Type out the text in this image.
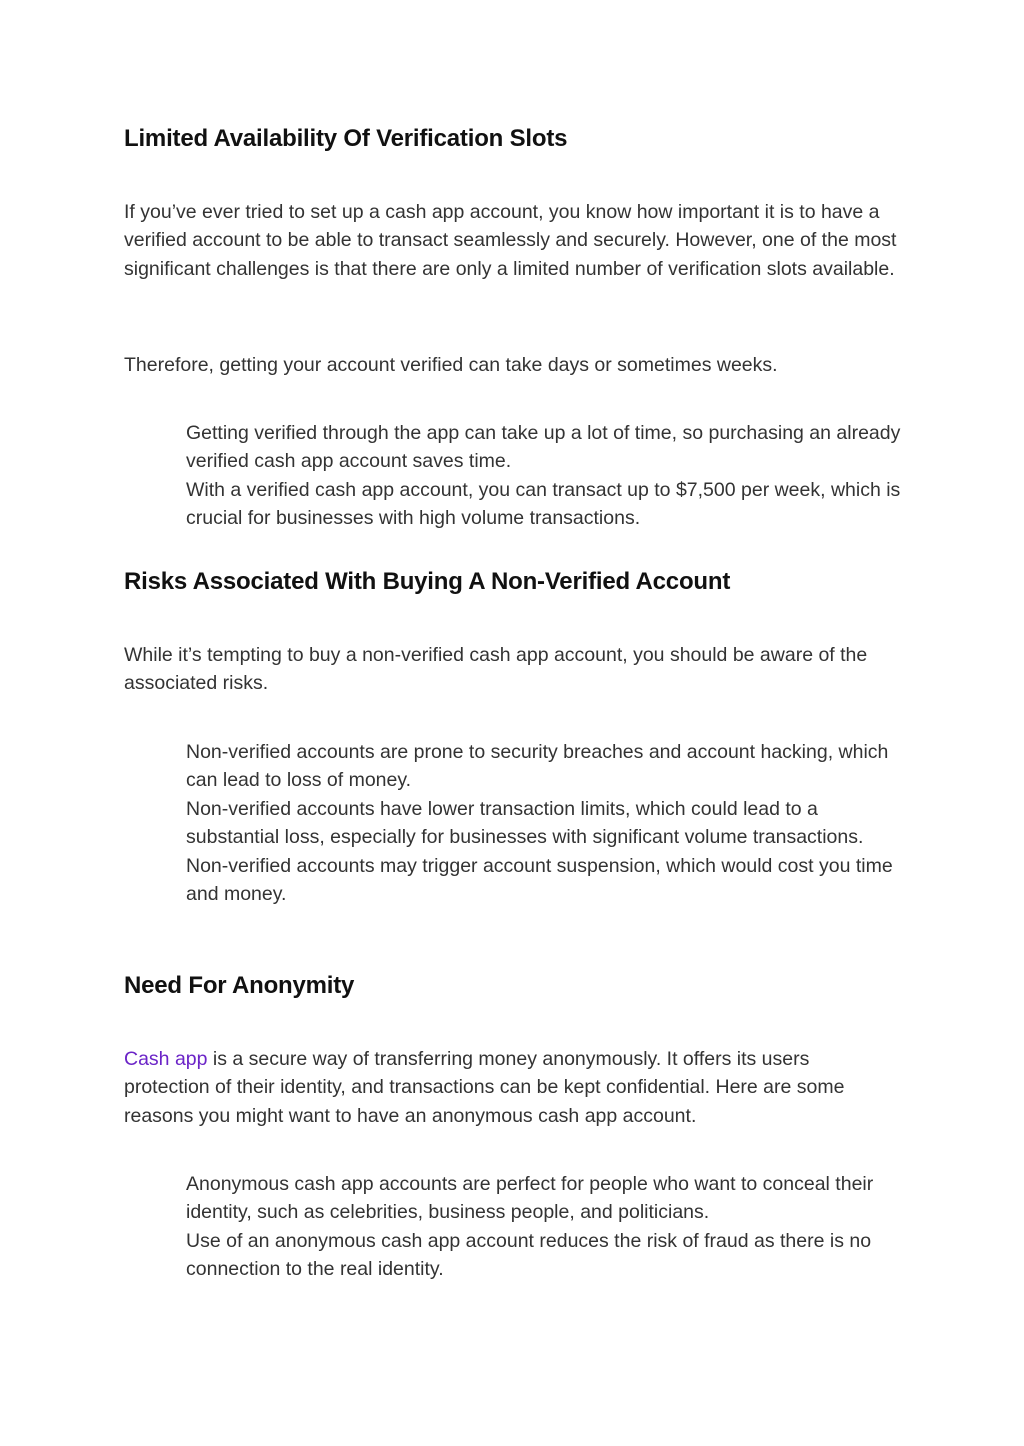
Limited Availability Of Verification Slots

If you’ve ever tried to set up a cash app account, you know how important it is to have a verified account to be able to transact seamlessly and securely. However, one of the most significant challenges is that there are only a limited number of verification slots available.

Therefore, getting your account verified can take days or sometimes weeks.

Getting verified through the app can take up a lot of time, so purchasing an already verified cash app account saves time.
With a verified cash app account, you can transact up to $7,500 per week, which is crucial for businesses with high volume transactions.
Risks Associated With Buying A Non-Verified Account

While it’s tempting to buy a non-verified cash app account, you should be aware of the associated risks.

Non-verified accounts are prone to security breaches and account hacking, which can lead to loss of money.
Non-verified accounts have lower transaction limits, which could lead to a substantial loss, especially for businesses with significant volume transactions.
Non-verified accounts may trigger account suspension, which would cost you time and money.
Need For Anonymity

Cash app is a secure way of transferring money anonymously. It offers its users protection of their identity, and transactions can be kept confidential. Here are some reasons you might want to have an anonymous cash app account.

Anonymous cash app accounts are perfect for people who want to conceal their identity, such as celebrities, business people, and politicians.
Use of an anonymous cash app account reduces the risk of fraud as there is no connection to the real identity.
